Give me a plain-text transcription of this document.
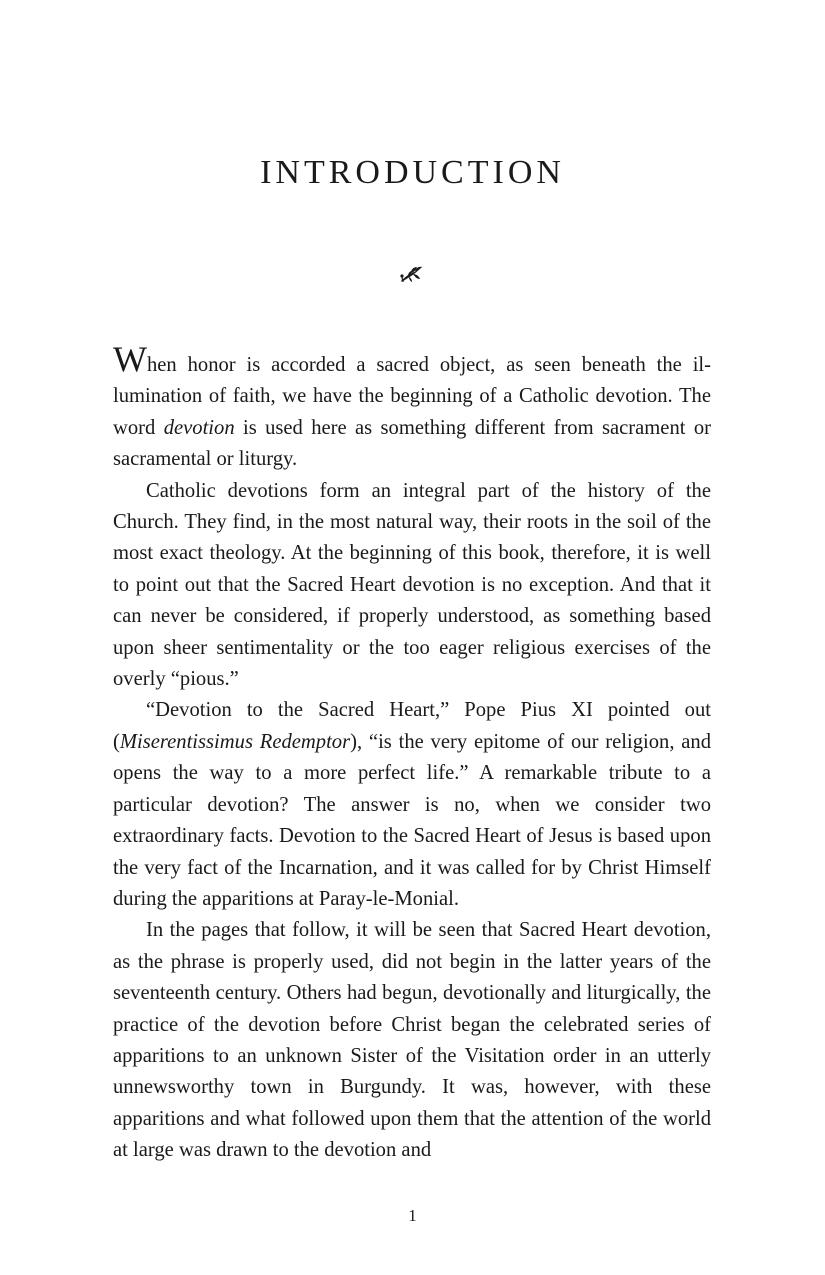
INTRODUCTION

When honor is accorded a sacred object, as seen beneath the illumination of faith, we have the beginning of a Catholic devotion. The word devotion is used here as something different from sacrament or sacramental or liturgy.

Catholic devotions form an integral part of the history of the Church. They find, in the most natural way, their roots in the soil of the most exact theology. At the beginning of this book, therefore, it is well to point out that the Sacred Heart devotion is no exception. And that it can never be considered, if properly understood, as something based upon sheer sentimentality or the too eager religious exercises of the overly “pious.”

“Devotion to the Sacred Heart,” Pope Pius XI pointed out (Miserentissimus Redemptor), “is the very epitome of our religion, and opens the way to a more perfect life.” A remarkable tribute to a particular devotion? The answer is no, when we consider two extraordinary facts. Devotion to the Sacred Heart of Jesus is based upon the very fact of the Incarnation, and it was called for by Christ Himself during the apparitions at Paray-le-Monial.

In the pages that follow, it will be seen that Sacred Heart devotion, as the phrase is properly used, did not begin in the latter years of the seventeenth century. Others had begun, devotionally and liturgically, the practice of the devotion before Christ began the celebrated series of apparitions to an unknown Sister of the Visitation order in an utterly unnewsworthy town in Burgundy. It was, however, with these apparitions and what followed upon them that the attention of the world at large was drawn to the devotion and

1
